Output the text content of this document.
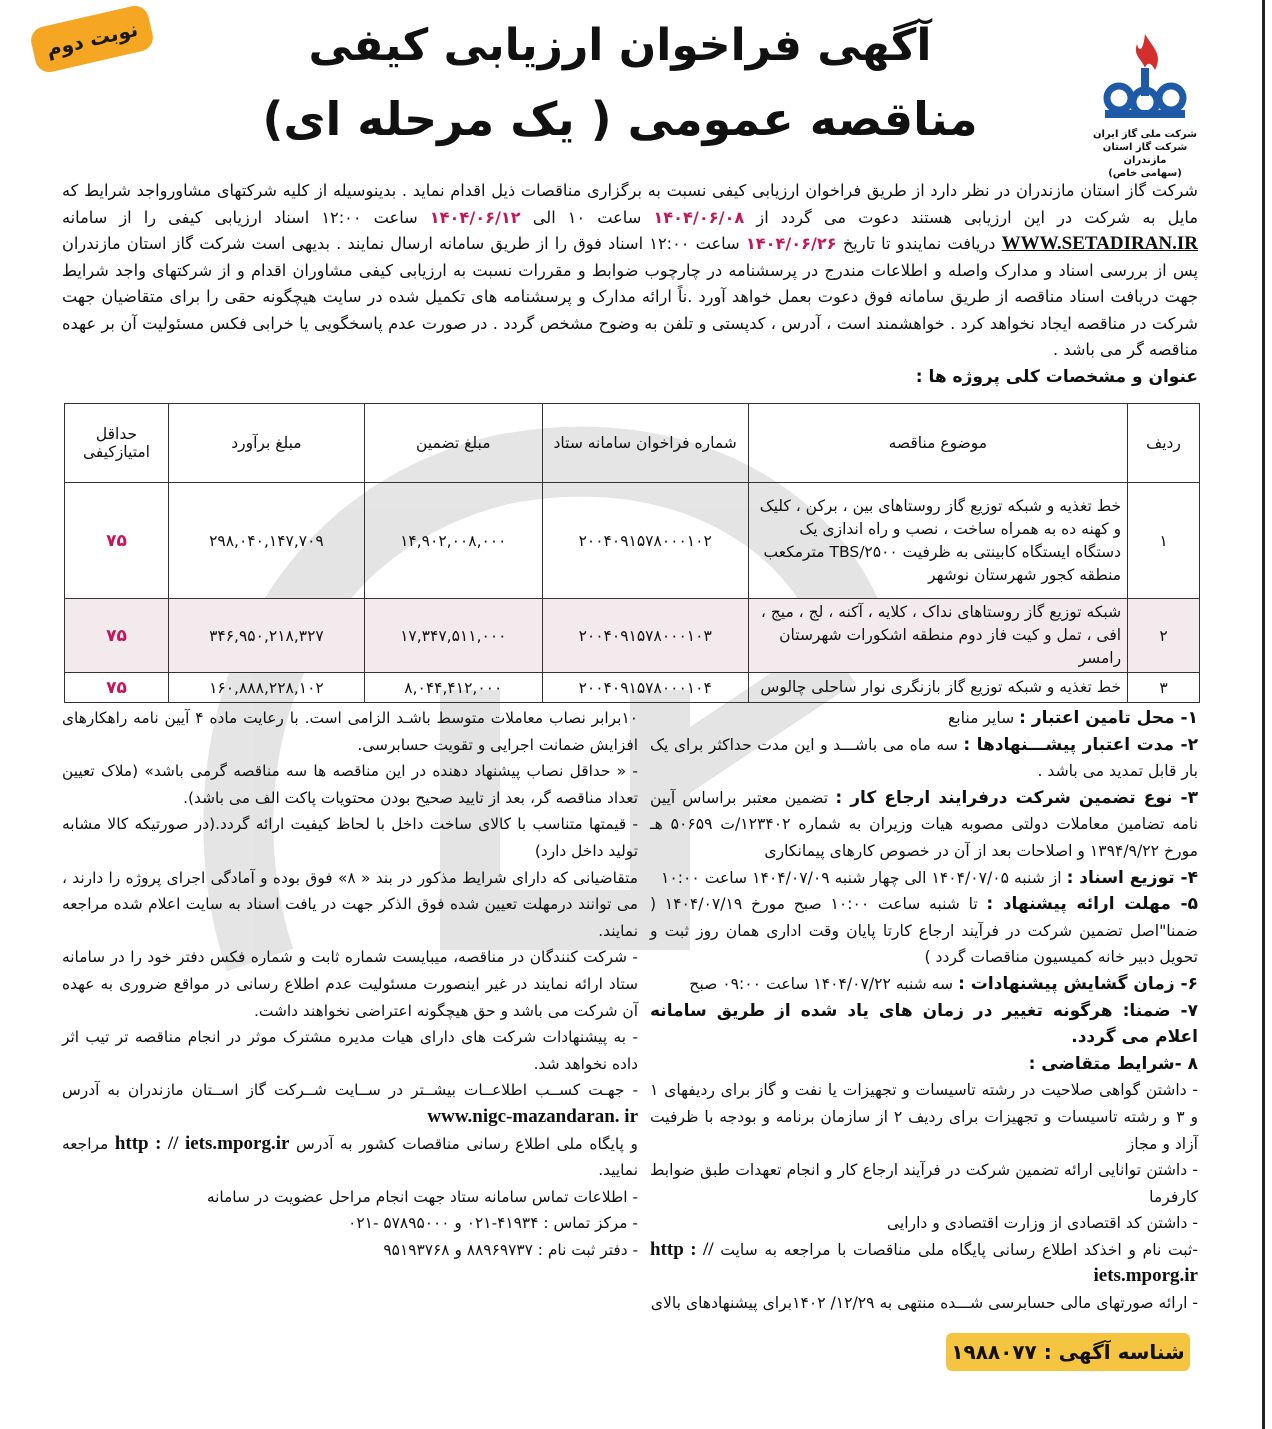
نوبت دوم
شرکت ملی گاز ایران
شرکت گاز استان مازندران
(سهامی خاص)
آگهی فراخوان ارزیابی کیفی
مناقصه عمومی ( یک مرحله ای)
شرکت گاز استان مازندران در نظر دارد از طریق فراخوان ارزیابی کیفی نسبت به برگزاری مناقصات ذیل اقدام نماید . بدینوسیله از کلیه شرکتهای مشاورواجد شرایط که مایل به شرکت در این ارزیابی هستند دعوت می گردد از ۱۴۰۴/۰۶/۰۸ ساعت ۱۰ الی ۱۴۰۴/۰۶/۱۲ ساعت ۱۲:۰۰ اسناد ارزیابی کیفی را از سامانه WWW.SETADIRAN.IR دریافت نمایندو تا تاریخ ۱۴۰۴/۰۶/۲۶ ساعت ۱۲:۰۰ اسناد فوق را از طریق سامانه ارسال نمایند . بدیهی است شرکت گاز استان مازندران پس از بررسی اسناد و مدارک واصله و اطلاعات مندرج در پرسشنامه در چارچوب ضوابط و مقررات نسبت به ارزیابی کیفی مشاوران اقدام و از شرکتهای واجد شرایط جهت دریافت اسناد مناقصه از طریق سامانه فوق دعوت بعمل خواهد آورد .ناً ارائه مدارک و پرسشنامه های تکمیل شده در سایت هیچگونه حقی را برای متقاضیان جهت شرکت در مناقصه ایجاد نخواهد کرد . خواهشمند است ، آدرس ، کدپستی و تلفن به وضوح مشخص گردد . در صورت عدم پاسخگویی یا خرابی فکس مسئولیت آن بر عهده مناقصه گر می باشد .
عنوان و مشخصات کلی پروژه ها :
ردیف	موضوع مناقصه	شماره فراخوان سامانه ستاد	مبلغ تضمین	مبلغ برآورد	حداقل امتیازکیفی
۱	خط تغذیه و شبکه توزیع گاز روستاهای بین ، برکن ، کلیک و کهنه ده به همراه ساخت ، نصب و راه اندازی یک دستگاه ایستگاه کابینتی به ظرفیت TBS/۲۵۰۰ مترمکعب منطقه کجور شهرستان نوشهر	۲۰۰۴۰۹۱۵۷۸۰۰۰۱۰۲	۱۴,۹۰۲,۰۰۸,۰۰۰	۲۹۸,۰۴۰,۱۴۷,۷۰۹	۷۵
۲	شبکه توزیع گاز روستاهای نداک ، کلایه ، آکنه ، لج ، میج ، افی ، تمل و کیت فاز دوم منطقه اشکورات شهرستان رامسر	۲۰۰۴۰۹۱۵۷۸۰۰۰۱۰۳	۱۷,۳۴۷,۵۱۱,۰۰۰	۳۴۶,۹۵۰,۲۱۸,۳۲۷	۷۵
۳	خط تغذیه و شبکه توزیع گاز بازنگری نوار ساحلی چالوس	۲۰۰۴۰۹۱۵۷۸۰۰۰۱۰۴	۸,۰۴۴,۴۱۲,۰۰۰	۱۶۰,۸۸۸,۲۲۸,۱۰۲	۷۵

۱- محل تامین اعتبار : سایر منابع

۲- مدت اعتبار پیشـــنهادها : سه ماه می باشـــد و این مدت حداکثر برای یک بار قابل تمدید می باشد .

۳- نوع تضمین شرکت درفرایند ارجاع کار : تضمین معتبر براساس آیین نامه تضامین معاملات دولتی مصوبه هیات وزیران به شماره ۱۲۳۴۰۲/ت ۵۰۶۵۹ هـ مورخ ۱۳۹۴/۹/۲۲ و اصلاحات بعد از آن در خصوص کارهای پیمانکاری

۴- توزیع اسناد : از شنبه ۱۴۰۴/۰۷/۰۵ الی چهار شنبه ۱۴۰۴/۰۷/۰۹ ساعت ۱۰:۰۰

۵- مهلت ارائه پیشنهاد : تا شنبه ساعت ۱۰:۰۰ صبح مورخ ۱۴۰۴/۰۷/۱۹ ( ضمنا"اصل تضمین شرکت در فرآیند ارجاع کارتا پایان وقت اداری همان روز ثبت و تحویل دبیر خانه کمیسیون مناقصات گردد )

۶- زمان گشایش پیشنهادات : سه شنبه ۱۴۰۴/۰۷/۲۲ ساعت ۰۹:۰۰ صبح

۷- ضمنا: هرگونه تغییر در زمان های یاد شده از طریق سامانه اعلام می گردد.

۸ -شرایط متقاضی :

- داشتن گواهی صلاحیت در رشته تاسیسات و تجهیزات یا نفت و گاز برای ردیفهای ۱ و ۳ و رشته تاسیسات و تجهیزات برای ردیف ۲ از سازمان برنامه و بودجه با ظرفیت آزاد و مجاز

- داشتن توانایی ارائه تضمین شرکت در فرآیند ارجاع کار و انجام تعهدات طبق ضوابط کارفرما

- داشتن کد اقتصادی از وزارت اقتصادی و دارایی

-ثبت نام و اخذکد اطلاع رسانی پایگاه ملی مناقصات با مراجعه به سایت http : // iets.mporg.ir

- ارائه صورتهای مالی حسابرسی شـــده منتهی به ۱۲/۲۹/ ۱۴۰۲برای پیشنهادهای بالای

۱۰برابر نصاب معاملات متوسط باشـد الزامی است. با رعایت ماده ۴ آیین نامه راهکارهای افزایش ضمانت اجرایی و تقویت حسابرسی.

- « حداقل نصاب پیشنهاد دهنده در این مناقصه ها سه مناقصه گرمی باشد» (ملاک تعیین تعداد مناقصه گر، بعد از تایید صحیح بودن محتویات پاکت الف می باشد).

- قیمتها متناسب با کالای ساخت داخل با لحاظ کیفیت ارائه گردد.(در صورتیکه کالا مشابه تولید داخل دارد)

متقاضیانی که دارای شرایط مذکور در بند « ۸» فوق بوده و آمادگی اجرای پروژه را دارند ، می توانند درمهلت تعیین شده فوق الذکر جهت در یافت اسناد به سایت اعلام شده مراجعه نمایند.

- شرکت کنندگان در مناقصه، میبایست شماره ثابت و شماره فکس دفتر خود را در سامانه ستاد ارائه نمایند در غیر اینصورت مسئولیت عدم اطلاع رسانی در مواقع ضروری به عهده آن شرکت می باشد و حق هیچگونه اعتراضی نخواهند داشت.

- به پیشنهادات شرکت های دارای هیات مدیره مشترک موثر در انجام مناقصه تر تیب اثر داده نخواهد شد.

- جهـت کســب اطلاعــات بیشــتر در ســایت شــرکت گاز اســتان مازندران به آدرس www.nigc-mazandaran. ir

و پایگاه ملی اطلاع رسانی مناقصات کشور به آدرس http : // iets.mporg.ir مراجعه نمایید.

- اطلاعات تماس سامانه ستاد جهت انجام مراحل عضویت در سامانه

- مرکز تماس : ۴۱۹۳۴-۰۲۱ و ۵۷۸۹۵۰۰۰ -۰۲۱

- دفتر ثبت نام : ۸۸۹۶۹۷۳۷ و ۹۵۱۹۳۷۶۸

شناسه آگهی :

۱۹۸۸۰۷۷
